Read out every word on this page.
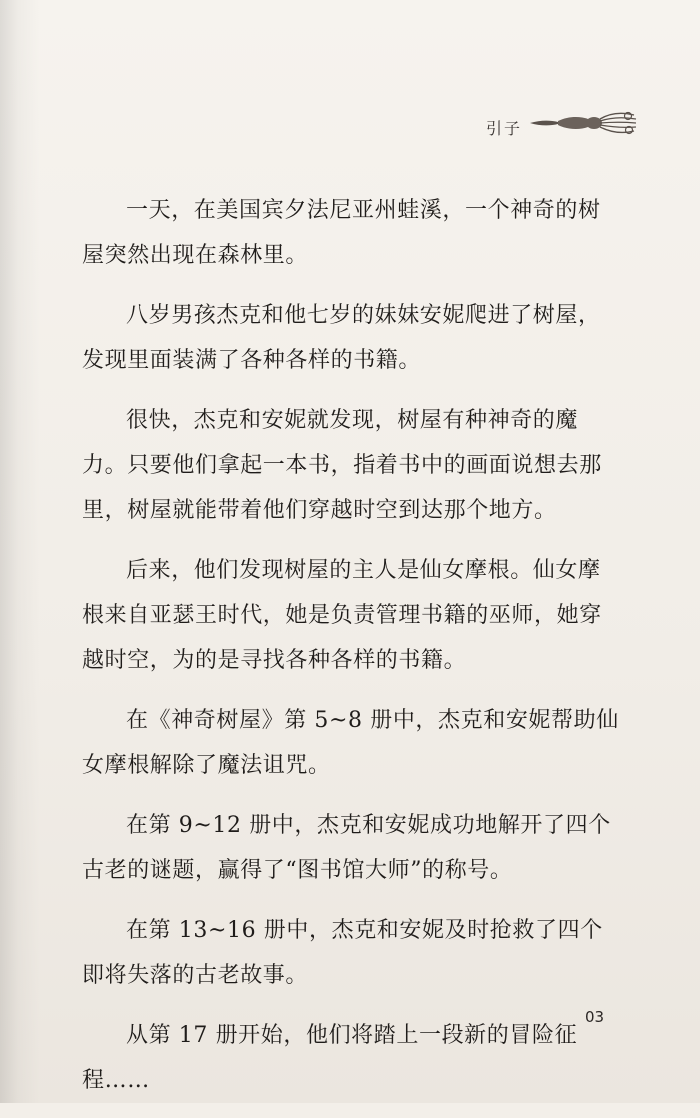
引子

一天，在美国宾夕法尼亚州蛙溪，一个神奇的树屋突然出现在森林里。

八岁男孩杰克和他七岁的妹妹安妮爬进了树屋，发现里面装满了各种各样的书籍。

很快，杰克和安妮就发现，树屋有种神奇的魔力。只要他们拿起一本书，指着书中的画面说想去那里，树屋就能带着他们穿越时空到达那个地方。

后来，他们发现树屋的主人是仙女摩根。仙女摩根来自亚瑟王时代，她是负责管理书籍的巫师，她穿越时空，为的是寻找各种各样的书籍。

在《神奇树屋》第 5~8 册中，杰克和安妮帮助仙女摩根解除了魔法诅咒。

在第 9~12 册中，杰克和安妮成功地解开了四个古老的谜题，赢得了“图书馆大师”的称号。

在第 13~16 册中，杰克和安妮及时抢救了四个即将失落的古老故事。

从第 17 册开始，他们将踏上一段新的冒险征程……

03
